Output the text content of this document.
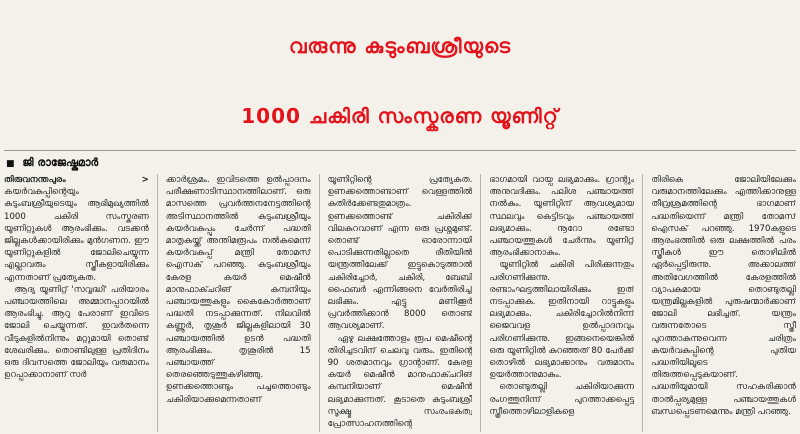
വരുന്നു കുടുംബശ്രീയുടെ
1000 ചകിരി സംസ്കരണ യൂണിറ്റ്
■ ജി രാജേഷ്കുമാർ

തിരുവനന്തപുരം > കയർവകുപ്പിന്റെയും കുടുംബശ്രീയുടെയും ആഭിമുഖ്യത്തിൽ 1000 ചകിരി സംസ്കരണ യൂണിറ്റുകൾ ആരംഭിക്കും. വടക്കൻ ജില്ലകൾക്കായിരിക്കും മുൻഗണന. ഈ യൂണിറ്റുകളിൽ ജോലിചെയ്യുന്ന എല്ലാവരും സ്ത്രീകളായിരിക്കും എന്നതാണ് പ്രത്യേകത.

ആദ്യ യൂണിറ്റ് 'സവൃദ്ധി' പരിയാരം പഞ്ചായത്തിലെ അമ്മാനപ്പാറയിൽ ആരംഭിച്ചു. ആറു പേരാണ് ഇവിടെ ജോലി ചെയ്യുന്നത്. ഇവർതന്നെ വീടുകളിൽനിന്നും മറ്റുമായി തൊണ്ട് ശേഖരിക്കും. തൊണ്ടിലുള്ള പ്രതിദിനം ഒരു ദിവസത്തെ ജോലിയും വരുമാനം ഉറപ്പാക്കാനാണ് സർ

ക്കാർശ്രമം. ഇവിടത്തെ ഉൽപ്പാദനം പരീക്ഷണാടിസ്ഥാനത്തിലാണ്. ഒരു മാസത്തെ പ്രവർത്തനനേട്ടത്തിന്റെ അടിസ്ഥാനത്തിൽ കുടുംബശ്രീയും കയർവകുപ്പും ചേർന്ന് പദ്ധതി മാതൃകയ്ക്ക് അന്തിമരൂപം നൽകുമെന്ന് കയർവകുപ്പ് മന്ത്രി തോമസ് ഐസക് പറഞ്ഞു. കുടുംബശ്രീയും കേരള കയർ മെഷീൻ മാനുഫാക്ചറിങ് കമ്പനിയും പഞ്ചായത്തുകളും കൈകോർത്താണ് പദ്ധതി നടപ്പാക്കുന്നത്. നിലവിൽ കണ്ണൂർ, തൃശൂർ ജില്ലകളിലായി 30 പഞ്ചായത്തിൽ ഉടൻ പദ്ധതി ആരംഭിക്കും. തൃശൂരിൽ 15 പഞ്ചായത്ത് തെരഞ്ഞെടുത്തുകഴിഞ്ഞു. ഉണക്കത്തൊണ്ടും പച്ചത്തൊണ്ടും ചകിരിയാക്കുമെന്നതാണ്

യൂണിറ്റിന്റെ പ്രത്യേകത. ഉണക്കത്തൊണ്ടാണ് വെള്ളത്തിൽ കുതിർക്കേണ്ടതുമാത്രം. ഉണക്കത്തൊണ്ട് ചകിരിക്ക് വിലകുറവാണ് എന്ന ഒരു പ്രശ്നമുണ്ട്. തൊണ്ട് ഓരോന്നായി പൊടിക്കുന്നതില്ലാതെ രീതിയിൽ യന്ത്രത്തിലേക്ക് ഇട്ടുകൊടുത്താൽ ചകിരിച്ചോർ, ചകിരി, ബേബി ഫൈബർ എന്നിങ്ങനെ വേർതിരിച്ച് ലഭിക്കും. എട്ടു മണിക്കൂർ പ്രവർത്തിക്കാൻ 8000 തൊണ്ട് ആവശ്യമാണ്.

ഏഴു ലക്ഷത്തോളം രൂപ മെഷീന്റെ തിരിച്ചടവിന് ചെലവു വരും. ഇതിന്റെ 90 ശതമാനവും ഗ്രാന്റാണ്. കേരള കയർ മെഷീൻ മാനുഫാക്ചറിങ് കമ്പനിയാണ് മെഷീൻ ലഭ്യമാക്കുന്നത്. കൂടാതെ കുടുംബശ്രീ സൂക്ഷ്മ സംരംഭകത്വ പ്രോത്സാഹനത്തിന്റെ

ഭാഗമായി വായ്പ ലഭ്യമാക്കും. ഗ്രാന്റും അനുവദിക്കും. പലിശ പഞ്ചായത്ത് നൽകും. യൂണിറ്റിന് ആവശ്യമായ സ്ഥലവും കെട്ടിടവും പഞ്ചായത്ത് ലഭ്യമാക്കും. നൂറോ രണ്ടോ പഞ്ചായത്തുകൾ ചേർന്നും യൂണിറ്റ് ആരംഭിക്കാനാകും.

യൂണിറ്റിൽ ചകിരി പിരിക്കുന്നതും പരിഗണിക്കുന്നു. രണ്ടാംഘട്ടത്തിലായിരിക്കും ഇത് നടപ്പാക്കുക. ഇതിനായി റാട്ടുകളും ലഭ്യമാക്കും. ചകിരിച്ചോറിൽനിന്ന് ജൈവവള ഉൽപ്പാദനവും പരിഗണിക്കുന്നു. ഇങ്ങനെയെങ്കിൽ ഒരു യൂണിറ്റിൽ കുറഞ്ഞത് 80 പേർക്ക് തൊഴിൽ ലഭ്യമാക്കാനും വരുമാനം ഉയർത്താനുമാകും.

തൊണ്ടുതല്ലി ചകിരിയാക്കുന്ന രംഗത്തുനിന്ന് പുറത്താക്കപ്പെട്ട സ്ത്രീത്തൊഴിലാളികളെ

തിരികെ ജോലിയിലേക്കും വരുമാനത്തിലേക്കും എത്തിക്കാനുള്ള തീവ്രശ്രമത്തിന്റെ ഭാഗമാണ് പദ്ധതിയെന്ന് മന്ത്രി തോമസ് ഐസക് പറഞ്ഞു. 1970കളുടെ ആരംഭത്തിൽ ഒരു ലക്ഷത്തിൽ പരം സ്ത്രീകൾ ഈ തൊഴിലിൽ ഏർപ്പെട്ടിരുന്നു. അക്കാലത്ത് അതിവേഗത്തിൽ കേരളത്തിൽ വ്യാപകമായ തൊണ്ടുതല്ലി യന്ത്രമില്ലകളിൽ പുരുഷന്മാർക്കാണ് ജോലി ലഭിച്ചത്. യന്ത്രം വരുന്നതോടെ സ്ത്രീ പുറത്താകുന്നുവെന്ന ചരിത്രം കയർവകുപ്പിന്റെ പുതിയ പദ്ധതിയിലൂടെ തിരുത്തപ്പെടുകയാണ്. പദ്ധതിയുമായി സഹകരിക്കാൻ താൽപ്പര്യമുള്ള പഞ്ചായത്തുകൾ ബന്ധപ്പെടണമെന്നും മന്ത്രി പറഞ്ഞു.
